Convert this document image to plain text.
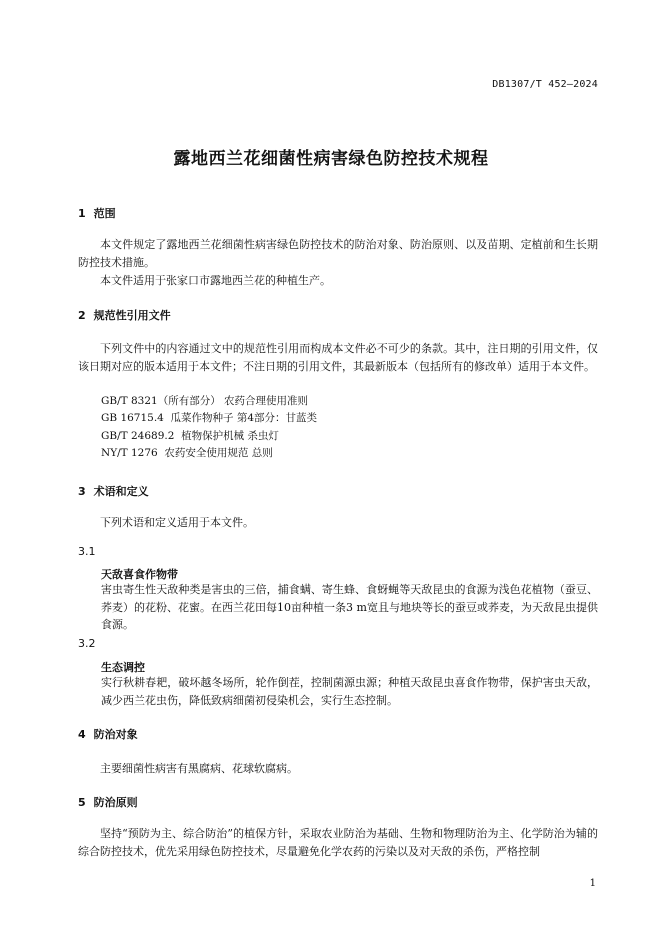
DB1307/T 452—2024
露地西兰花细菌性病害绿色防控技术规程
1 范围
本文件规定了露地西兰花细菌性病害绿色防控技术的防治对象、防治原则、以及苗期、定植前和生长期防控技术措施。
本文件适用于张家口市露地西兰花的种植生产。
2 规范性引用文件
下列文件中的内容通过文中的规范性引用而构成本文件必不可少的条款。其中，注日期的引用文件，仅该日期对应的版本适用于本文件；不注日期的引用文件，其最新版本（包括所有的修改单）适用于本文件。
GB/T 8321（所有部分） 农药合理使用准则
GB 16715.4  瓜菜作物种子 第4部分：甘蓝类
GB/T 24689.2  植物保护机械 杀虫灯
NY/T 1276  农药安全使用规范 总则
3 术语和定义
下列术语和定义适用于本文件。
3.1
天敌喜食作物带
害虫寄生性天敌种类是害虫的三倍，捕食螨、寄生蜂、食蚜蝇等天敌昆虫的食源为浅色花植物（蚕豆、荞麦）的花粉、花蜜。在西兰花田每10亩种植一条3 m宽且与地块等长的蚕豆或荞麦，为天敌昆虫提供食源。
3.2
生态调控
实行秋耕春耙，破坏越冬场所，轮作倒茬，控制菌源虫源；种植天敌昆虫喜食作物带，保护害虫天敌，减少西兰花虫伤，降低致病细菌初侵染机会，实行生态控制。
4 防治对象
主要细菌性病害有黑腐病、花球软腐病。
5 防治原则
坚持“预防为主、综合防治”的植保方针，采取农业防治为基础、生物和物理防治为主、化学防治为辅的综合防控技术，优先采用绿色防控技术，尽量避免化学农药的污染以及对天敌的杀伤，严格控制
1
